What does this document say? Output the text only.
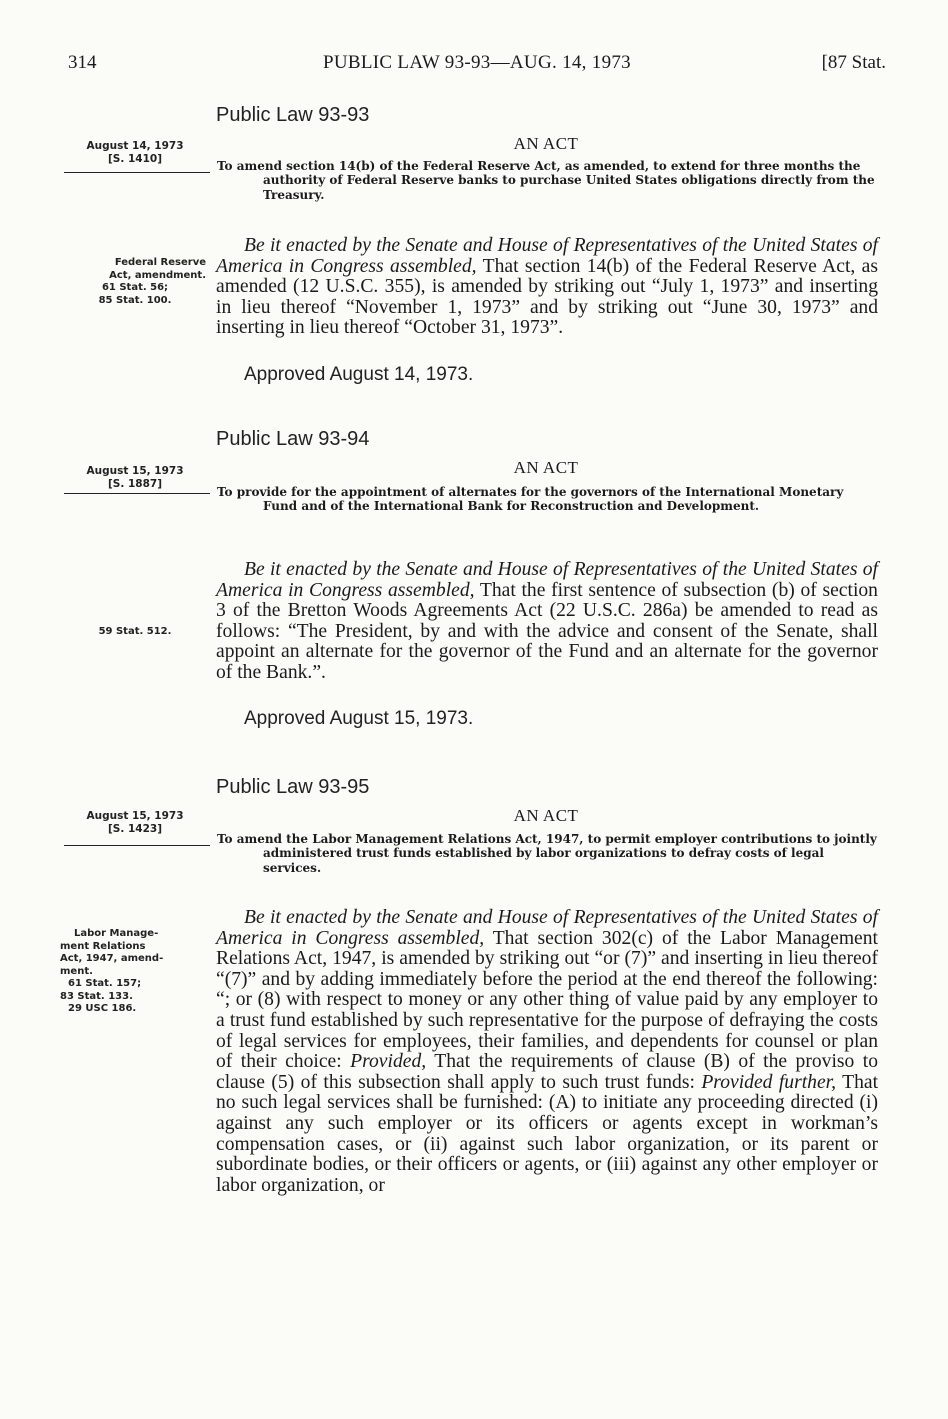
314	PUBLIC LAW 93-93—AUG. 14, 1973	[87 Stat.
Public Law 93-93
August 14, 1973
[S. 1410]
AN ACT
To amend section 14(b) of the Federal Reserve Act, as amended, to extend for three months the authority of Federal Reserve banks to purchase United States obligations directly from the Treasury.
Federal Reserve
Act, amendment.
61 Stat. 56;
85 Stat. 100.

Be it enacted by the Senate and House of Representatives of the United States of America in Congress assembled, That section 14(b) of the Federal Reserve Act, as amended (12 U.S.C. 355), is amended by striking out “July 1, 1973” and inserting in lieu thereof “November 1, 1973” and by striking out “June 30, 1973” and inserting in lieu thereof “October 31, 1973”.

Approved August 14, 1973.
Public Law 93-94
August 15, 1973
[S. 1887]
AN ACT
To provide for the appointment of alternates for the governors of the International Monetary Fund and of the International Bank for Reconstruction and Development.
59 Stat. 512.

Be it enacted by the Senate and House of Representatives of the United States of America in Congress assembled, That the first sentence of subsection (b) of section 3 of the Bretton Woods Agreements Act (22 U.S.C. 286a) be amended to read as follows: “The President, by and with the advice and consent of the Senate, shall appoint an alternate for the governor of the Fund and an alternate for the governor of the Bank.”.

Approved August 15, 1973.
Public Law 93-95
August 15, 1973
[S. 1423]
AN ACT
To amend the Labor Management Relations Act, 1947, to permit employer contributions to jointly administered trust funds established by labor organizations to defray costs of legal services.
Labor Manage-
ment Relations
Act, 1947, amend-
ment.
61 Stat. 157;
83 Stat. 133.
29 USC 186.

Be it enacted by the Senate and House of Representatives of the United States of America in Congress assembled, That section 302(c) of the Labor Management Relations Act, 1947, is amended by striking out “or (7)” and inserting in lieu thereof “(7)” and by adding immediately before the period at the end thereof the following: “; or (8) with respect to money or any other thing of value paid by any employer to a trust fund established by such representative for the purpose of defraying the costs of legal services for employees, their families, and dependents for counsel or plan of their choice: Provided, That the requirements of clause (B) of the proviso to clause (5) of this subsection shall apply to such trust funds: Provided further, That no such legal services shall be furnished: (A) to initiate any proceeding directed (i) against any such employer or its officers or agents except in workman’s compensation cases, or (ii) against such labor organization, or its parent or subordinate bodies, or their officers or agents, or (iii) against any other employer or labor organization, or
